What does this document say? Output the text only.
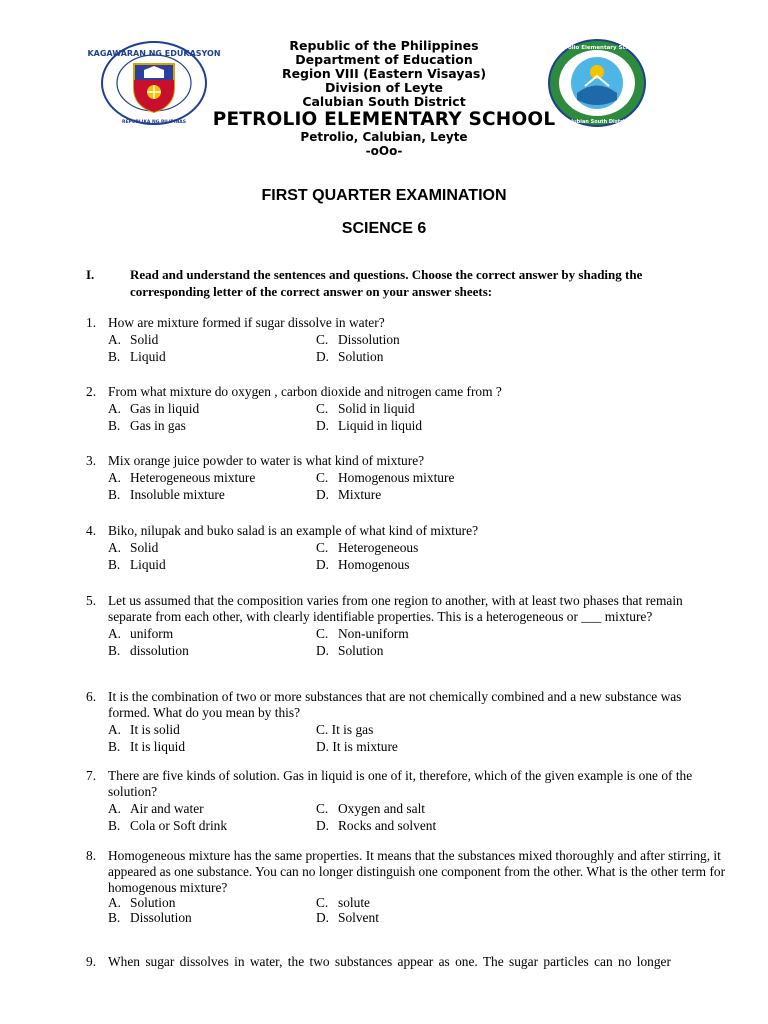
KAGAWARAN NG EDUKASYON
REPUBLIKA NG PILIPINAS
Petrolio Elementary School
Calubian South District
Republic of the Philippines
Department of Education
Region VIII (Eastern Visayas)
Division of Leyte
Calubian South District
PETROLIO ELEMENTARY SCHOOL
Petrolio, Calubian, Leyte
-oOo-
FIRST QUARTER EXAMINATION
SCIENCE 6
I.	Read and understand the sentences and questions. Choose the correct answer by shading the corresponding letter of the correct answer on your answer sheets:
1. How are mixture formed if sugar dissolve in water?
A. Solid
B. Liquid
C. Dissolution
D. Solution
2. From what mixture do oxygen , carbon dioxide and nitrogen came from ?
A. Gas in liquid
B. Gas in gas
C. Solid in liquid
D. Liquid in liquid
3. Mix orange juice powder to water is what kind of mixture?
A. Heterogeneous mixture
B. Insoluble mixture
C. Homogenous mixture
D. Mixture
4. Biko, nilupak and buko salad is an example of what kind of mixture?
A. Solid
B. Liquid
C. Heterogeneous
D. Homogenous
5. Let us assumed that the composition varies from one region to another, with at least two phases that remain separate from each other, with clearly identifiable properties. This is a heterogeneous or ___ mixture?
A. uniform
B. dissolution
C. Non-uniform
D. Solution
6. It is the combination of two or more substances that are not chemically combined and a new substance was formed. What do you mean by this?
A. It is solid
B. It is liquid
C. It is gas
D. It is mixture
7. There are five kinds of solution. Gas in liquid is one of it, therefore, which of the given example is one of the solution?
A. Air and water
B. Cola or Soft drink
C. Oxygen and salt
D. Rocks and solvent
8. Homogeneous mixture has the same properties. It means that the substances mixed thoroughly and after stirring, it appeared as one substance. You can no longer distinguish one component from the other. What is the other term for homogenous mixture?
A. Solution
B. Dissolution
C. solute
D. Solvent
9. When sugar dissolves in water, the two substances appear as one. The sugar particles can no longer
